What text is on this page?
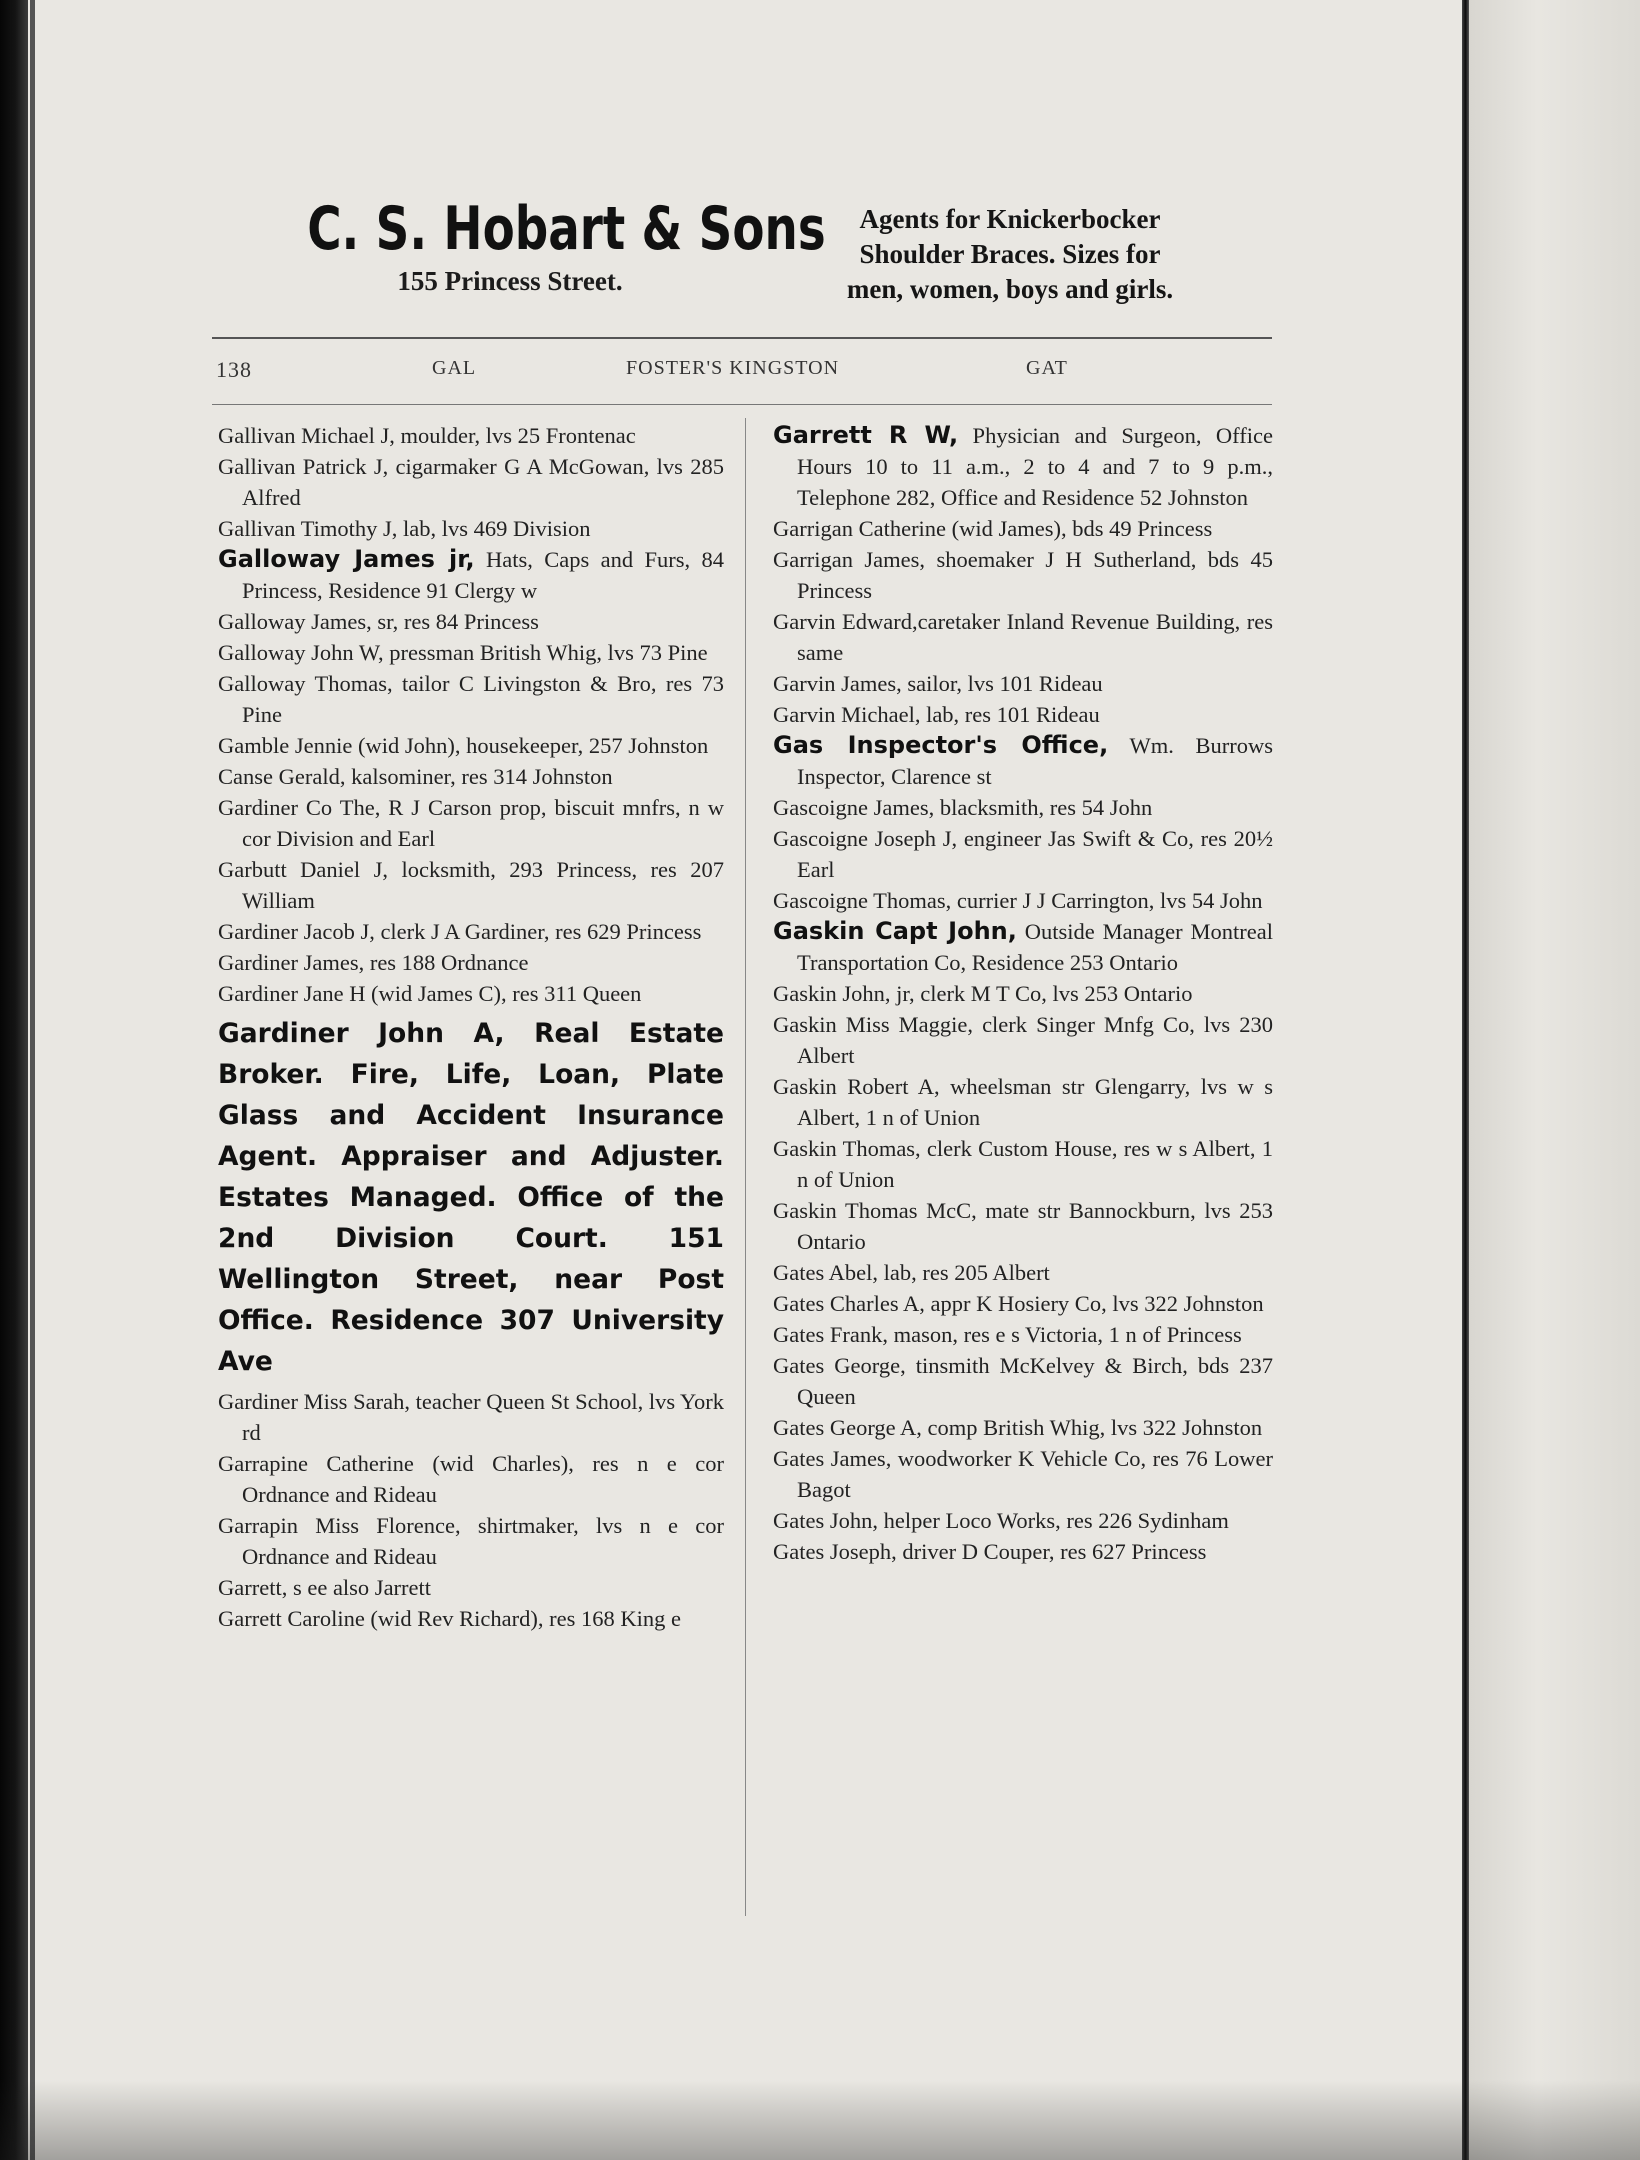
C. S. Hobart & Sons
155 Princess Street.
Agents for Knickerbocker
Shoulder Braces. Sizes for
men, women, boys and girls.
138	GAL	FOSTER'S KINGSTON	GAT

Gallivan Michael J, moulder, lvs 25 Frontenac

Gallivan Patrick J, cigarmaker G A McGowan, lvs 285 Alfred

Gallivan Timothy J, lab, lvs 469 Division

Galloway James jr, Hats, Caps and Furs, 84 Princess, Residence 91 Clergy w

Galloway James, sr, res 84 Princess

Galloway John W, pressman British Whig, lvs 73 Pine

Galloway Thomas, tailor C Livingston & Bro, res 73 Pine

Gamble Jennie (wid John), housekeeper, 257 Johnston

Canse Gerald, kalsominer, res 314 Johnston

Gardiner Co The, R J Carson prop, biscuit mnfrs, n w cor Division and Earl

Garbutt Daniel J, locksmith, 293 Princess, res 207 William

Gardiner Jacob J, clerk J A Gardiner, res 629 Princess

Gardiner James, res 188 Ordnance

Gardiner Jane H (wid James C), res 311 Queen

Gardiner John A, Real Estate Broker. Fire, Life, Loan, Plate Glass and Accident Insurance Agent. Appraiser and Adjuster. Estates Managed. Office of the 2nd Division Court. 151 Wellington Street, near Post Office. Residence 307 University Ave

Gardiner Miss Sarah, teacher Queen St School, lvs York rd

Garrapine Catherine (wid Charles), res n e cor Ordnance and Rideau

Garrapin Miss Florence, shirtmaker, lvs n e cor Ordnance and Rideau

Garrett, s ee also Jarrett

Garrett Caroline (wid Rev Richard), res 168 King e

Garrett R W, Physician and Surgeon, Office Hours 10 to 11 a.m., 2 to 4 and 7 to 9 p.m., Telephone 282, Office and Residence 52 Johnston

Garrigan Catherine (wid James), bds 49 Princess

Garrigan James, shoemaker J H Sutherland, bds 45 Princess

Garvin Edward,caretaker Inland Revenue Building, res same

Garvin James, sailor, lvs 101 Rideau

Garvin Michael, lab, res 101 Rideau

Gas Inspector's Office, Wm. Burrows Inspector, Clarence st

Gascoigne James, blacksmith, res 54 John

Gascoigne Joseph J, engineer Jas Swift & Co, res 20½ Earl

Gascoigne Thomas, currier J J Carrington, lvs 54 John

Gaskin Capt John, Outside Manager Montreal Transportation Co, Residence 253 Ontario

Gaskin John, jr, clerk M T Co, lvs 253 Ontario

Gaskin Miss Maggie, clerk Singer Mnfg Co, lvs 230 Albert

Gaskin Robert A, wheelsman str Glengarry, lvs w s Albert, 1 n of Union

Gaskin Thomas, clerk Custom House, res w s Albert, 1 n of Union

Gaskin Thomas McC, mate str Bannockburn, lvs 253 Ontario

Gates Abel, lab, res 205 Albert

Gates Charles A, appr K Hosiery Co, lvs 322 Johnston

Gates Frank, mason, res e s Victoria, 1 n of Princess

Gates George, tinsmith McKelvey & Birch, bds 237 Queen

Gates George A, comp British Whig, lvs 322 Johnston

Gates James, woodworker K Vehicle Co, res 76 Lower Bagot

Gates John, helper Loco Works, res 226 Sydinham

Gates Joseph, driver D Couper, res 627 Princess
